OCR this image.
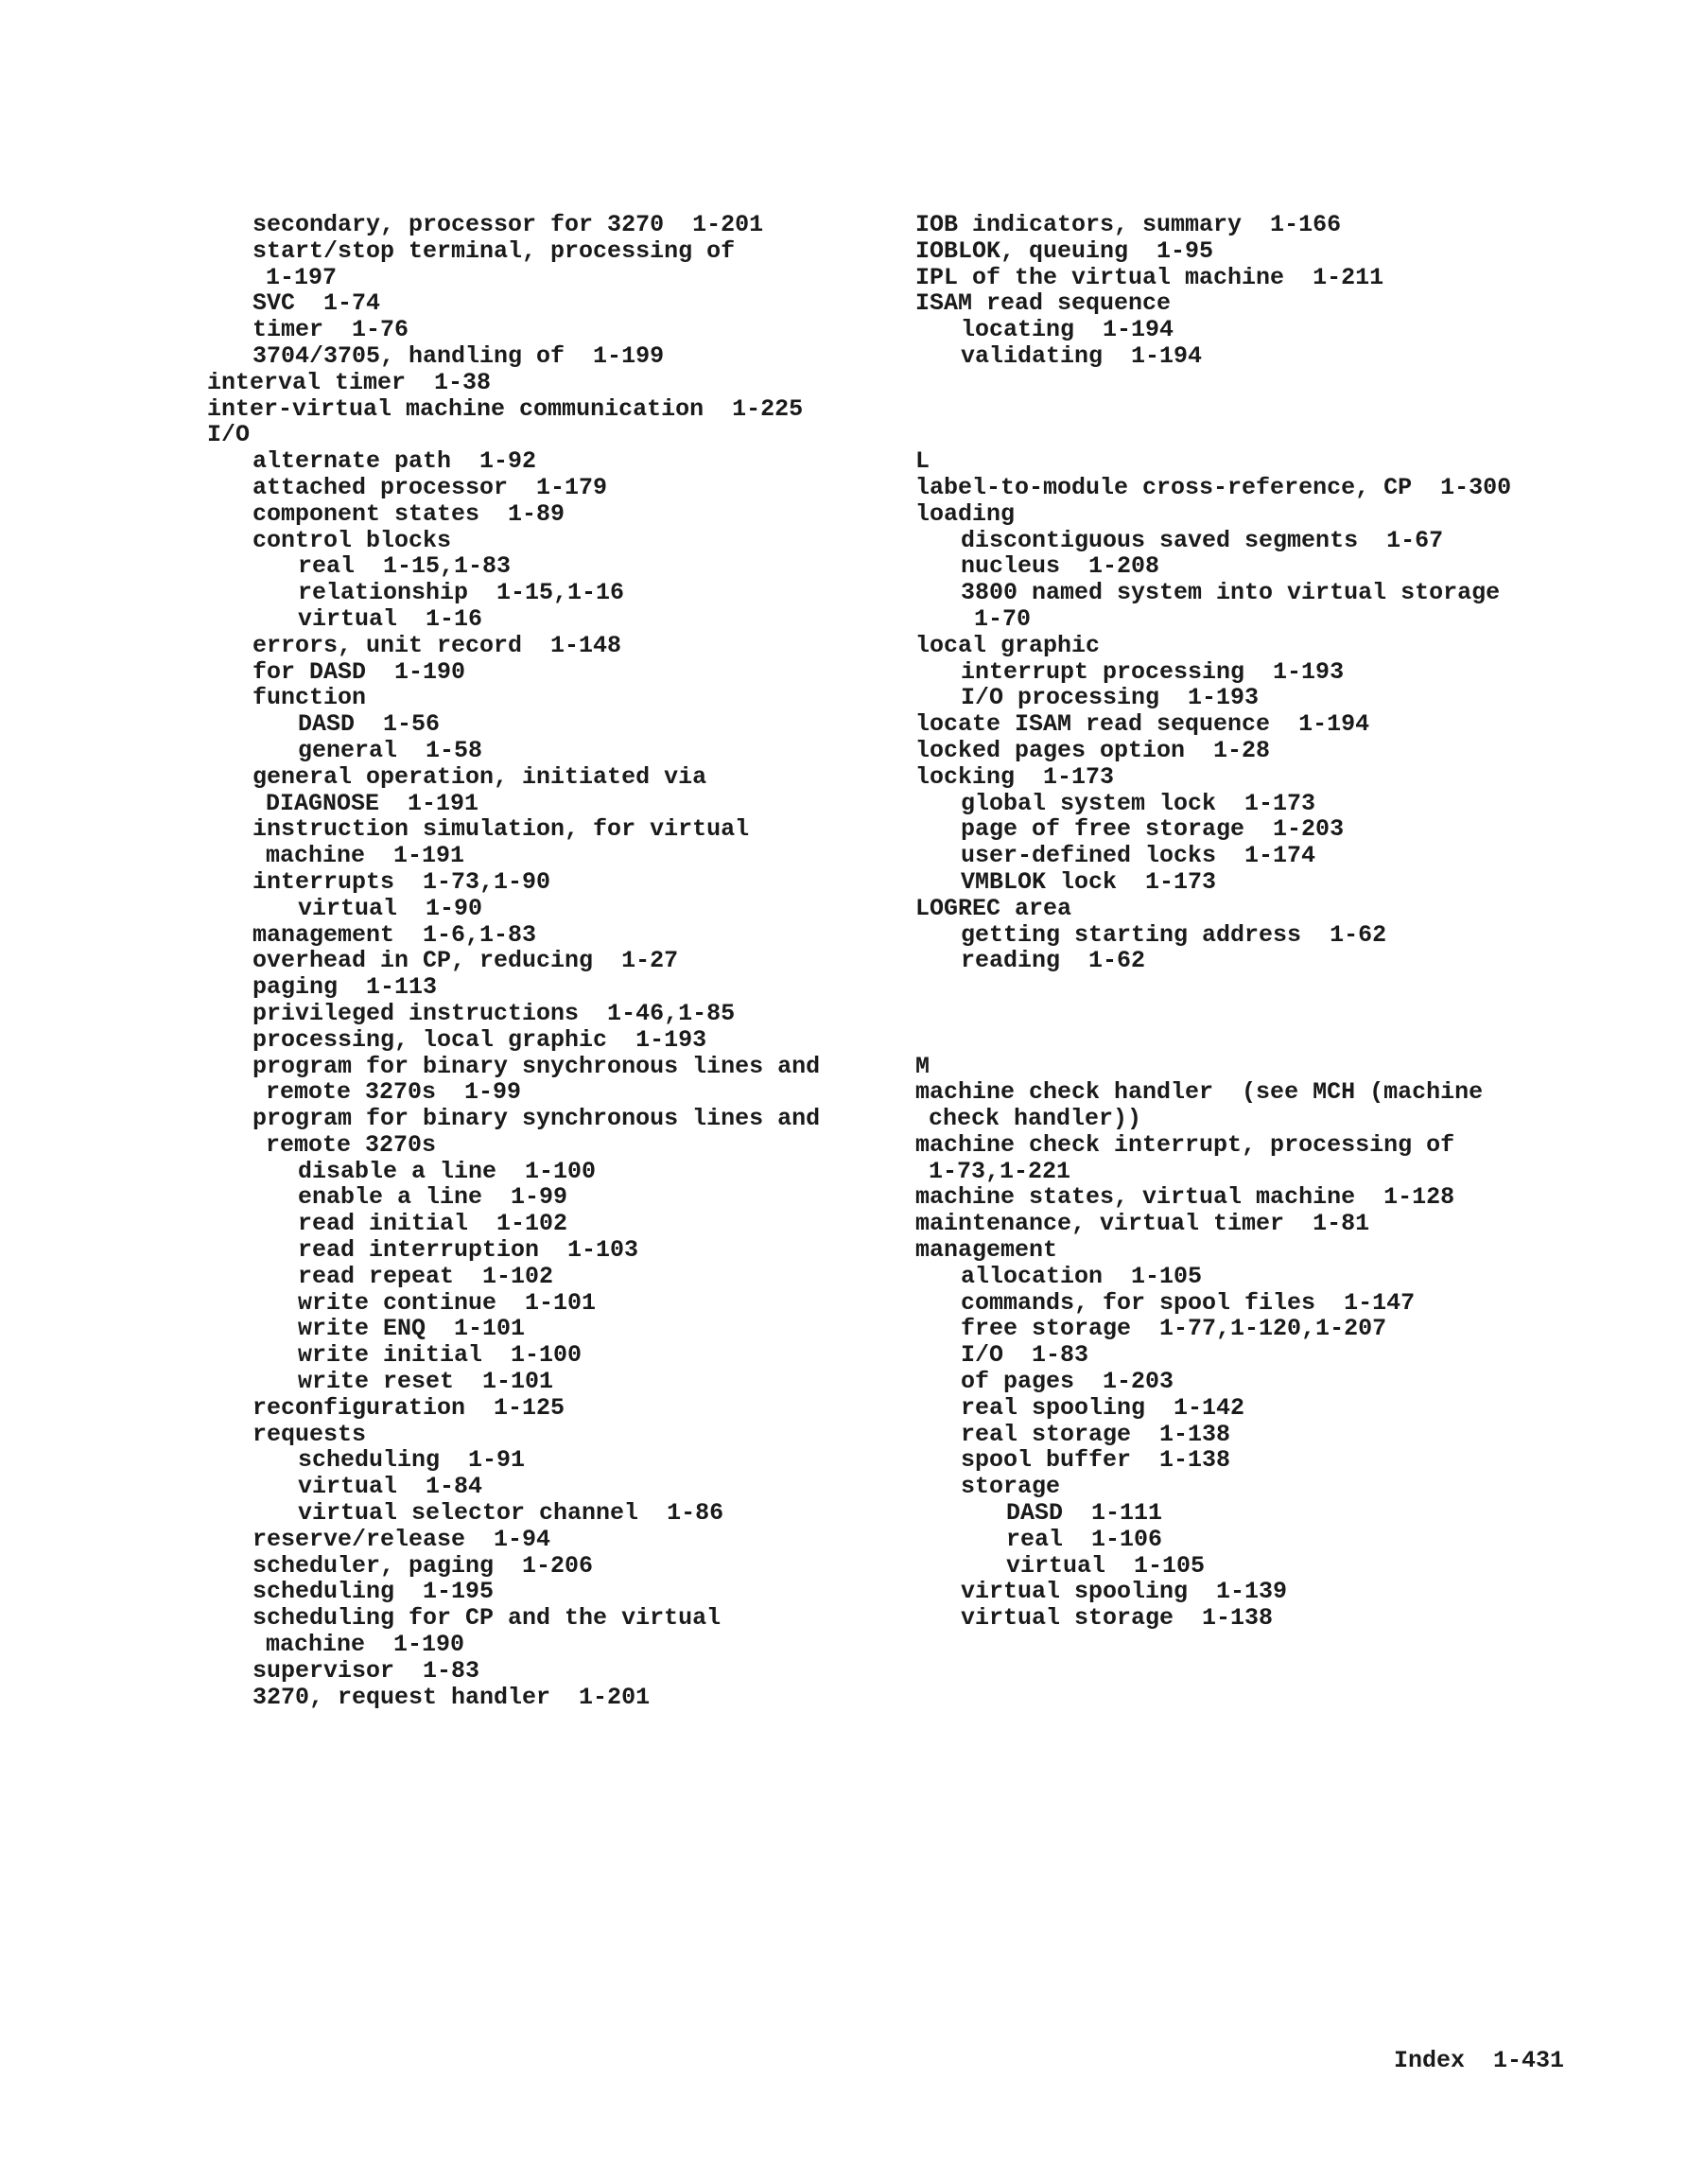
secondary, processor for 3270  1-201
start/stop terminal, processing of
1-197
SVC  1-74
timer  1-76
3704/3705, handling of  1-199
interval timer  1-38
inter-virtual machine communication  1-225
I/O
alternate path  1-92
attached processor  1-179
component states  1-89
control blocks
real  1-15,1-83
relationship  1-15,1-16
virtual  1-16
errors, unit record  1-148
for DASD  1-190
function
DASD  1-56
general  1-58
general operation, initiated via
DIAGNOSE  1-191
instruction simulation, for virtual
machine  1-191
interrupts  1-73,1-90
virtual  1-90
management  1-6,1-83
overhead in CP, reducing  1-27
paging  1-113
privileged instructions  1-46,1-85
processing, local graphic  1-193
program for binary snychronous lines and
remote 3270s  1-99
program for binary synchronous lines and
remote 3270s
disable a line  1-100
enable a line  1-99
read initial  1-102
read interruption  1-103
read repeat  1-102
write continue  1-101
write ENQ  1-101
write initial  1-100
write reset  1-101
reconfiguration  1-125
requests
scheduling  1-91
virtual  1-84
virtual selector channel  1-86
reserve/release  1-94
scheduler, paging  1-206
scheduling  1-195
scheduling for CP and the virtual
machine  1-190
supervisor  1-83
3270, request handler  1-201
IOB indicators, summary  1-166
IOBLOK, queuing  1-95
IPL of the virtual machine  1-211
ISAM read sequence
locating  1-194
validating  1-194
L
label-to-module cross-reference, CP  1-300
loading
discontiguous saved segments  1-67
nucleus  1-208
3800 named system into virtual storage
1-70
local graphic
interrupt processing  1-193
I/O processing  1-193
locate ISAM read sequence  1-194
locked pages option  1-28
locking  1-173
global system lock  1-173
page of free storage  1-203
user-defined locks  1-174
VMBLOK lock  1-173
LOGREC area
getting starting address  1-62
reading  1-62
M
machine check handler  (see MCH (machine
check handler))
machine check interrupt, processing of
1-73,1-221
machine states, virtual machine  1-128
maintenance, virtual timer  1-81
management
allocation  1-105
commands, for spool files  1-147
free storage  1-77,1-120,1-207
I/O  1-83
of pages  1-203
real spooling  1-142
real storage  1-138
spool buffer  1-138
storage
DASD  1-111
real  1-106
virtual  1-105
virtual spooling  1-139
virtual storage  1-138
Index  1-431
